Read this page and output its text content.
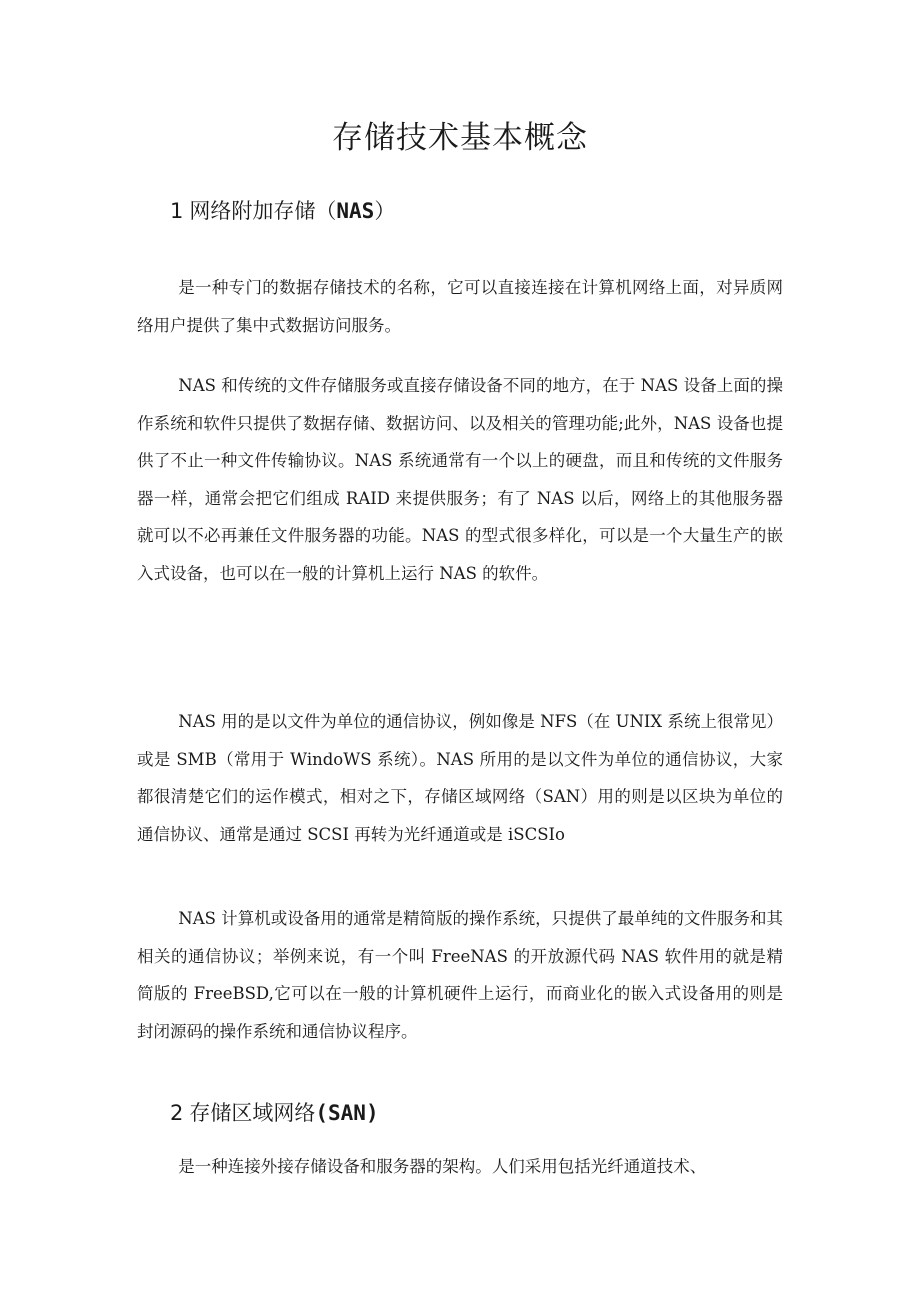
存储技术基本概念
1 网络附加存储（NAS）

是一种专门的数据存储技术的名称，它可以直接连接在计算机网络上面，对异质网络用户提供了集中式数据访问服务。

NAS 和传统的文件存储服务或直接存储设备不同的地方，在于 NAS 设备上面的操作系统和软件只提供了数据存储、数据访问、以及相关的管理功能;此外，NAS 设备也提供了不止一种文件传输协议。NAS 系统通常有一个以上的硬盘，而且和传统的文件服务器一样，通常会把它们组成 RAID 来提供服务；有了 NAS 以后，网络上的其他服务器就可以不必再兼任文件服务器的功能。NAS 的型式很多样化，可以是一个大量生产的嵌入式设备，也可以在一般的计算机上运行 NAS 的软件。

NAS 用的是以文件为单位的通信协议，例如像是 NFS（在 UNIX 系统上很常见）或是 SMB（常用于 WindoWS 系统）。NAS 所用的是以文件为单位的通信协议，大家都很清楚它们的运作模式，相对之下，存储区域网络（SAN）用的则是以区块为单位的通信协议、通常是通过 SCSI 再转为光纤通道或是 iSCSIo

NAS 计算机或设备用的通常是精简版的操作系统，只提供了最单纯的文件服务和其相关的通信协议；举例来说，有一个叫 FreeNAS 的开放源代码 NAS 软件用的就是精简版的 FreeBSD,它可以在一般的计算机硬件上运行，而商业化的嵌入式设备用的则是封闭源码的操作系统和通信协议程序。

2 存储区域网络(SAN)

是一种连接外接存储设备和服务器的架构。人们采用包括光纤通道技术、
